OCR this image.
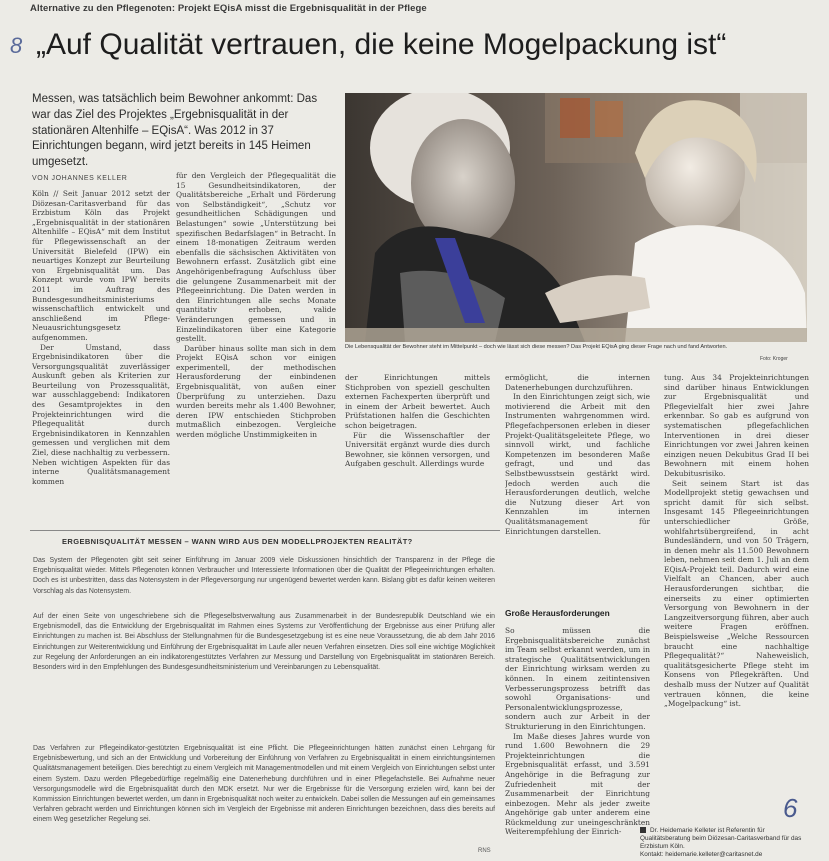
Alternative zu den Pflegenoten: Projekt EQisA misst die Ergebnisqualität in der Pflege
8 „Auf Qualität vertrauen, die keine Mogelpackung ist“
Messen, was tatsächlich beim Bewohner ankommt: Das war das Ziel des Projektes „Ergebnisqualität in der stationären Altenhilfe – EQisA“. Was 2012 in 37 Einrichtungen begann, wird jetzt bereits in 145 Heimen umgesetzt.
VON JOHANNES KELLER

Köln // Seit Januar 2012 setzt der Diözesan-Caritasverband für das Erzbistum Köln das Projekt „Ergebnisqualität in der stationären Altenhilfe – EQisA“ mit dem Institut für Pflegewissenschaft an der Universität Bielefeld (IPW) ein neuartiges Konzept zur Beurteilung von Ergebnisqualität um. Das Konzept wurde vom IPW bereits 2011 im Auftrag des Bundesgesundheitsministeriums wissenschaftlich entwickelt und anschließend im Pflege-Neuausrichtungsgesetz aufgenommen.

Der Umstand, dass Ergebnisindikatoren über die Versorgungsqualität zuverlässiger Auskunft geben als Kriterien zur Beurteilung von Prozessqualität, war ausschlaggebend: Indikatoren des Gesamtprojektes in den Projekteinrichtungen wird die Pflegequalität durch Ergebnisindikatoren in Kennzahlen gemessen und verglichen mit dem Ziel, diese nachhaltig zu verbessern. Neben wichtigen Aspekten für das interne Qualitätsmanagement kommen

für den Vergleich der Pflegequalität die 15 Gesundheitsindikatoren, der Qualitätsbereiche „Erhalt und Förderung von Selbständigkeit“, „Schutz vor gesundheitlichen Schädigungen und Belastungen“ sowie „Unterstützung bei spezifischen Bedarfslagen“ in Betracht. In einem 18-monatigen Zeitraum werden ebenfalls die sächsischen Aktivitäten von Bewohnern erfasst. Zusätzlich gibt eine Angehörigenbefragung Aufschluss über die gelungene Zusammenarbeit mit der Pflegeeinrichtung. Die Daten werden in den Einrichtungen alle sechs Monate quantitativ erhoben, valide Veränderungen gemessen und in Einzelindikatoren über eine Kategorie gestellt.

Darüber hinaus sollte man sich in dem Projekt EQisA schon vor einigen experimentell, der methodischen Herausforderung der einbindenen Ergebnisqualität, von außen einer Überprüfung zu unterziehen. Dazu wurden bereits mehr als 1.400 Bewohner, deren IPW entschieden Stichproben mutmaßlich einbezogen. Vergleiche werden mögliche Unstimmigkeiten in

Die Lebensqualität der Bewohner steht im Mittelpunkt – doch wie lässt sich diese messen? Das Projekt EQisA ging dieser Frage nach und fand Antworten.
Foto: Kroger

der Einrichtungen mittels Stichproben von speziell geschulten externen Fachexperten überprüft und in einem der Arbeit bewertet. Auch Prüfstationen halfen die Geschichten schon beigetragen.

Für die Wissenschaftler der Universität ergänzt wurde dies durch Bewohner, sie können versorgen, und Aufgaben geschult. Allerdings wurde

ermöglicht, die internen Datenerhebungen durchzuführen.

In den Einrichtungen zeigt sich, wie motivierend die Arbeit mit den Instrumenten wahrgenommen wird. Pflegefachpersonen erleben in dieser Projekt-Qualitätsgeleitete Pflege, wo sinnvoll wirkt, und fachliche Kompetenzen im besonderen Maße gefragt, und und das Selbstbewusstsein gestärkt wird. Jedoch werden auch die Herausforderungen deutlich, welche die Nutzung dieser Art von Kennzahlen im internen Qualitätsmanagement für Einrichtungen darstellen.

Große Herausforderungen

So müssen die Ergebnisqualitätsbereiche zunächst im Team selbst erkannt werden, um in strategische Qualitätsentwicklungen der Einrichtung wirksam werden zu können. In einem zeitintensiven Verbesserungsprozess betrifft das sowohl Organisations- und Personalentwicklungsprozesse, sondern auch zur Arbeit in der Strukturierung in den Einrichtungen.

Im Maße dieses Jahres wurde von rund 1.600 Bewohnern die 29 Projekteinrichtungen die Ergebnisqualität erfasst, und 3.591 Angehörige in die Befragung zur Zufriedenheit mit der Zusammenarbeit der Einrichtung einbezogen. Mehr als jeder zweite Angehörige gab unter anderem eine Rückmeldung zur uneingeschränkten Weiterempfehlung der Einrich-

tung. Aus 34 Projekteinrichtungen sind darüber hinaus Entwicklungen zur Ergebnisqualität und Pflegevielfalt hier zwei Jahre erkennbar. So gab es aufgrund von systematischen pflegefachlichen Interventionen in drei dieser Einrichtungen vor zwei Jahren keinen einzigen neuen Dekubitus Grad II bei Bewohnern mit einem hohen Dekubitusrisiko.

Seit seinem Start ist das Modellprojekt stetig gewachsen und spricht damit für sich selbst. Insgesamt 145 Pflegeeinrichtungen unterschiedlicher Größe, wohlfahrtsübergreifend, in acht Bundesländern, und von 50 Trägern, in denen mehr als 11.500 Bewohnern leben, nehmen seit dem 1. Juli an dem EQisA-Projekt teil. Dadurch wird eine Vielfalt an Chancen, aber auch Herausforderungen sichtbar, die einerseits zu einer optimierten Versorgung von Bewohnern in der Langzeitversorgung führen, aber auch weitere Fragen eröffnen. Beispielsweise „Welche Ressourcen braucht eine nachhaltige Pflegequalität?“ Naheweislich, qualitätsgesicherte Pflege steht im Konsens von Pflegekräften. Und deshalb muss der Nutzer auf Qualität vertrauen können, die keine „Mogelpackung“ ist.

ERGEBNISQUALITÄT MESSEN – WANN WIRD AUS DEN MODELLPROJEKTEN REALITÄT?

Das System der Pflegenoten gibt seit seiner Einführung im Januar 2009 viele Diskussionen hinsichtlich der Transparenz in der Pflege die Ergebnisqualität wieder. Mittels Pflegenoten können Verbraucher und Interessierte Informationen über die Qualität der Pflegeeinrichtungen erhalten. Doch es ist unbestritten, dass das Notensystem in der Pflegeversorgung nur ungenügend bewertet werden kann. Bislang gibt es dafür keinen weiteren Vorschlag als das Notensystem.

Auf der einen Seite von ungeschriebene sich die Pflegeselbstverwaltung aus Zusammenarbeit in der Bundesrepublik Deutschland wie ein Ergebnismodell, das die Entwicklung der Ergebnisqualität im Rahmen eines Systems zur Veröffentlichung der Ergebnisse aus einer Prüfung aller Einrichtungen zu machen ist. Bei Abschluss der Stellungnahmen für die Bundesgesetzgebung ist es eine neue Voraussetzung, die ab dem Jahr 2016 Einrichtungen zur Weiterentwicklung und Einführung der Ergebnisqualität im Laufe aller neuen Verfahren einsetzen. Dies soll eine wichtige Möglichkeit zur Regelung der Anforderungen an ein indikatorengestütztes Verfahren zur Messung und Darstellung von Ergebnisqualität im stationären Bereich. Besonders wird in den Empfehlungen des Bundesgesundheitsministerium und Vereinbarungen zu Lebensqualität.

Das Verfahren zur Pflegeindikator-gestützten Ergebnisqualität ist eine Pflicht. Die Pflegeeinrichtungen hätten zunächst einen Lehrgang für Ergebnisbewertung, und sich an der Entwicklung und Vorbereitung der Einführung von Verfahren zu Ergebnisqualität in einem einrichtungsinternen Qualitätsmanagement beteiligen. Dies berechtigt zu einem Vergleich mit Managementmodellen und mit einem Vergleich von Einrichtungen selbst unter einem System. Dazu werden Pflegebedürftige regelmäßig eine Datenerhebung durchführen und in einer Pflegefachstelle. Bei Aufnahme neuer Versorgungsmodelle wird die Ergebnisqualität durch den MDK ersetzt. Nur wer die Ergebnisse für die Versorgung erzielen wird, kann bei der Kommission Einrichtungen bewertet werden, um dann in Ergebnisqualität noch weiter zu entwickeln. Dabei sollen die Messungen auf ein gemeinsames Verfahren gebracht werden und Einrichtungen können sich im Vergleich der Ergebnisse mit anderen Einrichtungen bezeichnen, dass dies bereits auf einem Weg gesetzlicher Regelung sei.

RNS
Dr. Heidemarie Kelleter ist Referentin für Qualitätsberatung beim Diözesan-Caritasverband für das Erzbistum Köln.
Kontakt: heidemarie.kelleter@caritasnet.de
6
